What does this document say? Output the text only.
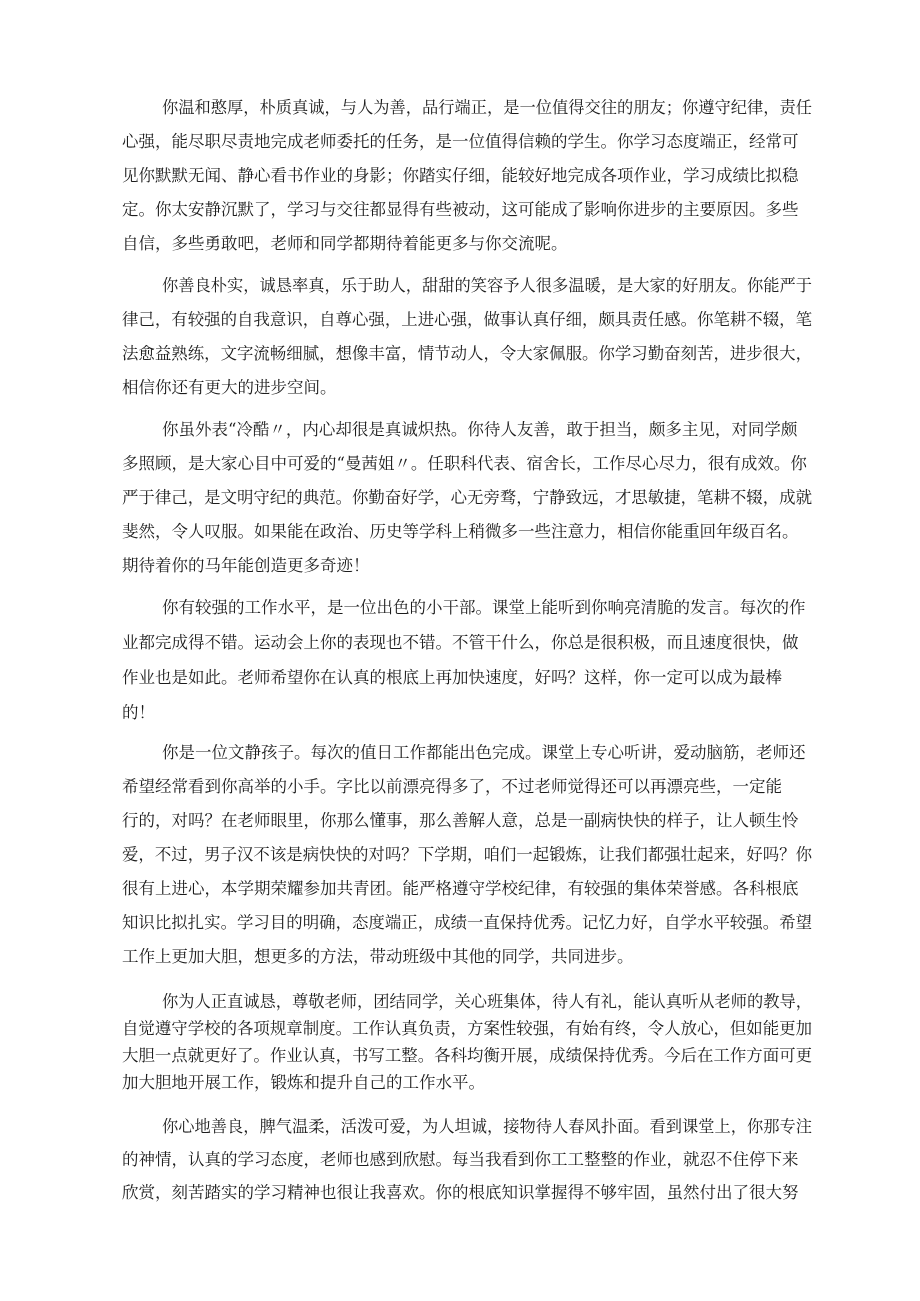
你温和憨厚，朴质真诚，与人为善，品行端正，是一位值得交往的朋友；你遵守纪律，责任
心强，能尽职尽责地完成老师委托的任务，是一位值得信赖的学生。你学习态度端正，经常可
见你默默无闻、静心看书作业的身影；你踏实仔细，能较好地完成各项作业，学习成绩比拟稳
定。你太安静沉默了，学习与交往都显得有些被动，这可能成了影响你进步的主要原因。多些
自信，多些勇敢吧，老师和同学都期待着能更多与你交流呢。
你善良朴实，诚恳率真，乐于助人，甜甜的笑容予人很多温暖，是大家的好朋友。你能严于
律己，有较强的自我意识，自尊心强，上进心强，做事认真仔细，颇具责任感。你笔耕不辍，笔
法愈益熟练，文字流畅细腻，想像丰富，情节动人，令大家佩服。你学习勤奋刻苦，进步很大，
相信你还有更大的进步空间。
你虽外表“冷酷〃，内心却很是真诚炽热。你待人友善，敢于担当，颇多主见，对同学颇
多照顾，是大家心目中可爱的“曼茜姐〃。任职科代表、宿舍长，工作尽心尽力，很有成效。你
严于律己，是文明守纪的典范。你勤奋好学，心无旁骛，宁静致远，才思敏捷，笔耕不辍，成就
斐然，令人叹服。如果能在政治、历史等学科上稍微多一些注意力，相信你能重回年级百名。
期待着你的马年能创造更多奇迹！
你有较强的工作水平，是一位出色的小干部。课堂上能听到你响亮清脆的发言。每次的作
业都完成得不错。运动会上你的表现也不错。不管干什么，你总是很积极，而且速度很快，做
作业也是如此。老师希望你在认真的根底上再加快速度，好吗？这样，你一定可以成为最棒
的！
你是一位文静孩子。每次的值日工作都能出色完成。课堂上专心听讲，爱动脑筋，老师还
希望经常看到你高举的小手。字比以前漂亮得多了，不过老师觉得还可以再漂亮些，一定能
行的，对吗？在老师眼里，你那么懂事，那么善解人意，总是一副病快快的样子，让人顿生怜
爱，不过，男子汉不该是病快快的对吗？下学期，咱们一起锻炼，让我们都强壮起来，好吗？你
很有上进心，本学期荣耀参加共青团。能严格遵守学校纪律，有较强的集体荣誉感。各科根底
知识比拟扎实。学习目的明确，态度端正，成绩一直保持优秀。记忆力好，自学水平较强。希望
工作上更加大胆，想更多的方法，带动班级中其他的同学，共同进步。
你为人正直诚恳，尊敬老师，团结同学，关心班集体，待人有礼，能认真听从老师的教导，
自觉遵守学校的各项规章制度。工作认真负责，方案性较强，有始有终，令人放心，但如能更加
大胆一点就更好了。作业认真，书写工整。各科均衡开展，成绩保持优秀。今后在工作方面可更
加大胆地开展工作，锻炼和提升自己的工作水平。
你心地善良，脾气温柔，活泼可爱，为人坦诚，接物待人春风扑面。看到课堂上，你那专注
的神情，认真的学习态度，老师也感到欣慰。每当我看到你工工整整的作业，就忍不住停下来
欣赏，刻苦踏实的学习精神也很让我喜欢。你的根底知识掌握得不够牢固，虽然付出了很大努
